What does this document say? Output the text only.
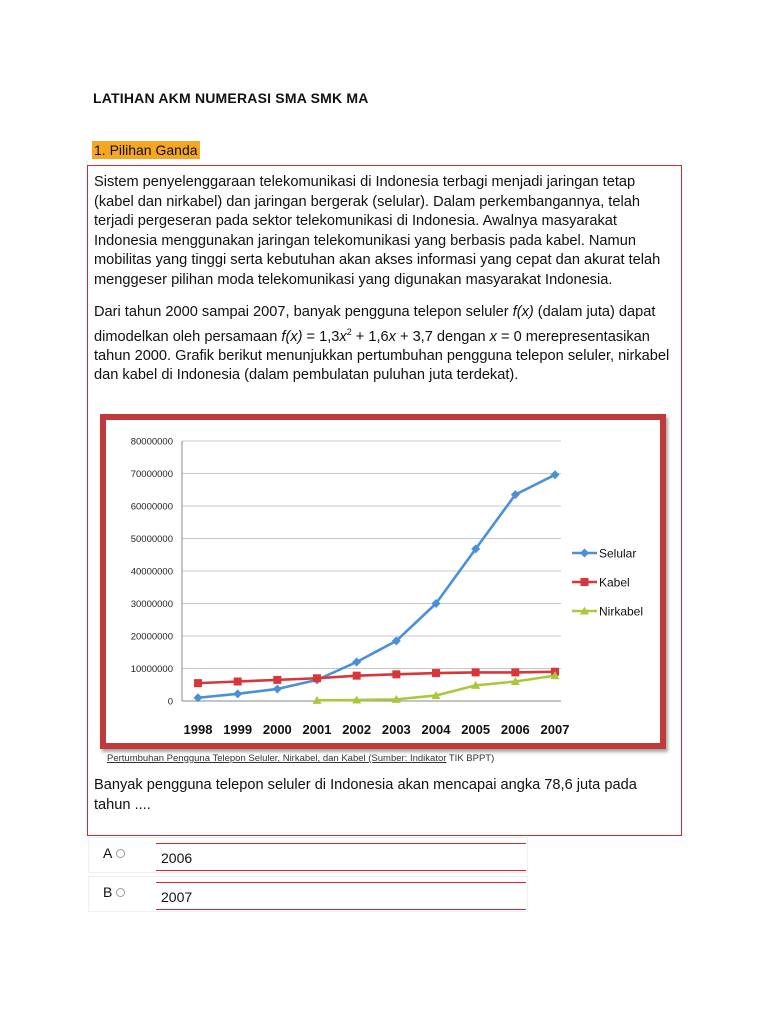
LATIHAN AKM NUMERASI SMA SMK MA
1. Pilihan Ganda

Sistem penyelenggaraan telekomunikasi di Indonesia terbagi menjadi jaringan tetap (kabel dan nirkabel) dan jaringan bergerak (selular). Dalam perkembangannya, telah terjadi pergeseran pada sektor telekomunikasi di Indonesia. Awalnya masyarakat Indonesia menggunakan jaringan telekomunikasi yang berbasis pada kabel. Namun mobilitas yang tinggi serta kebutuhan akan akses informasi yang cepat dan akurat telah menggeser pilihan moda telekomunikasi yang digunakan masyarakat Indonesia.

Dari tahun 2000 sampai 2007, banyak pengguna telepon seluler f(x) (dalam juta) dapat dimodelkan oleh persamaan $f(x) = 1,3x^2 + 1,6x + 3,7$ dengan x = 0 merepresentasikan tahun 2000. Grafik berikut menunjukkan pertumbuhan pengguna telepon seluler, nirkabel dan kabel di Indonesia (dalam pembulatan puluhan juta terdekat).

80000000
70000000
60000000
50000000
40000000
30000000
20000000
10000000
0
1998 1999 2000 2001 2002 2003 2004 2005 2006 2007
Selular
Kabel
Nirkabel
Pertumbuhan Pengguna Telepon Seluler, Nirkabel, dan Kabel (Sumber: Indikator TIK BPPT)

Banyak pengguna telepon seluler di Indonesia akan mencapai angka 78,6 juta pada tahun ....

A	2006
B	2007
